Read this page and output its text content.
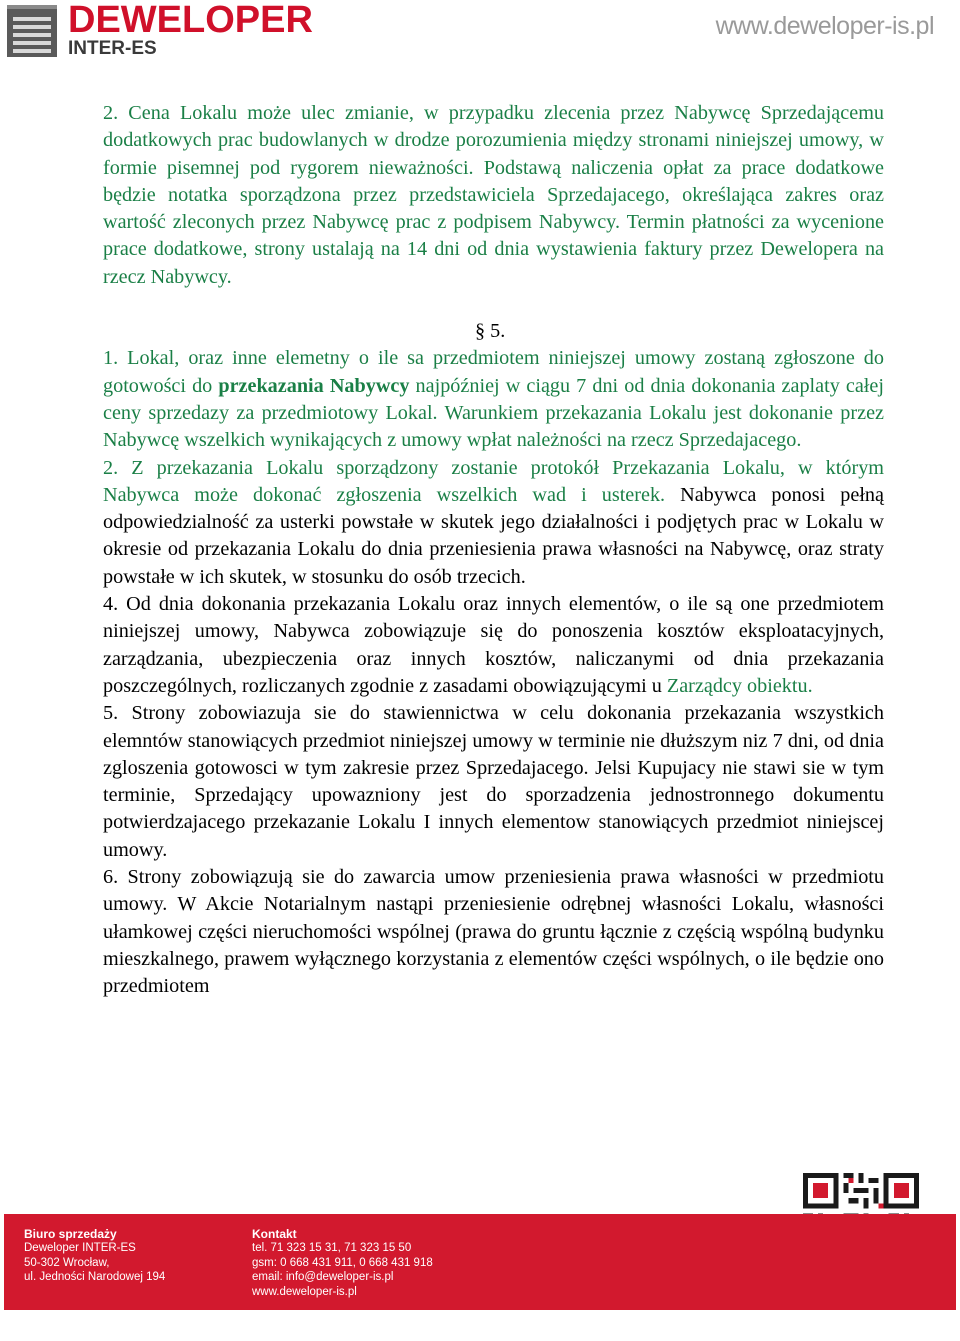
DEWELOPER
INTER-ES
www.deweloper-is.pl

2. Cena Lokalu może ulec zmianie, w przypadku zlecenia przez Nabywcę Sprzedającemu dodatkowych prac budowlanych w drodze porozumienia między stronami niniejszej umowy, w formie pisemnej pod rygorem nieważności. Podstawą naliczenia opłat za prace dodatkowe będzie notatka sporządzona przez przedstawiciela Sprzedajacego, określająca zakres oraz wartość zleconych przez Nabywcę prac z podpisem Nabywcy. Termin płatności za wycenione prace dodatkowe, strony ustalają na 14 dni od dnia wystawienia faktury przez Dewelopera na rzecz Nabywcy.

§ 5.

1. Lokal, oraz inne elemetny o ile sa przedmiotem niniejszej umowy zostaną zgłoszone do gotowości do przekazania Nabywcy najpóźniej w ciągu 7 dni od dnia dokonania zaplaty całej ceny sprzedazy za przedmiotowy Lokal. Warunkiem przekazania Lokalu jest dokonanie przez Nabywcę wszelkich wynikających z umowy wpłat należności na rzecz Sprzedajacego.

2. Z przekazania Lokalu sporządzony zostanie protokół Przekazania Lokalu, w którym Nabywca może dokonać zgłoszenia wszelkich wad i usterek. Nabywca ponosi pełną odpowiedzialność za usterki powstałe w skutek jego działalności i podjętych prac w Lokalu w okresie od przekazania Lokalu do dnia przeniesienia prawa własności na Nabywcę, oraz straty powstałe w ich skutek, w stosunku do osób trzecich.

4. Od dnia dokonania przekazania Lokalu oraz innych elementów, o ile są one przedmiotem niniejszej umowy, Nabywca zobowiązuje się do ponoszenia kosztów eksploatacyjnych, zarządzania, ubezpieczenia oraz innych kosztów, naliczanymi od dnia przekazania poszczególnych, rozliczanych zgodnie z zasadami obowiązującymi u Zarządcy obiektu.

5. Strony zobowiazuja sie do stawiennictwa w celu dokonania przekazania wszystkich elemntów stanowiących przedmiot niniejszej umowy w terminie nie dłuższym niz 7 dni, od dnia zgloszenia gotowosci w tym zakresie przez Sprzedajacego. Jelsi Kupujacy nie stawi sie w tym terminie, Sprzedający upowazniony jest do sporzadzenia jednostronnego dokumentu potwierdzajacego przekazanie Lokalu I innych elementow stanowiących przedmiot niniejscej umowy.

6. Strony zobowiązują sie do zawarcia umow przeniesienia prawa własności w przedmiotu umowy. W Akcie Notarialnym nastąpi przeniesienie odrębnej własności Lokalu, własności ułamkowej części nieruchomości wspólnej (prawa do gruntu łącznie z częścią wspólną budynku mieszkalnego, prawem wyłącznego korzystania z elementów części wspólnych, o ile będzie ono przedmiotem

Biuro sprzedaży
Deweloper INTER-ES
50-302 Wrocław,
ul. Jedności Narodowej 194
Kontakt
tel. 71 323 15 31, 71 323 15 50
gsm: 0 668 431 911, 0 668 431 918
email: info@deweloper-is.pl
www.deweloper-is.pl
